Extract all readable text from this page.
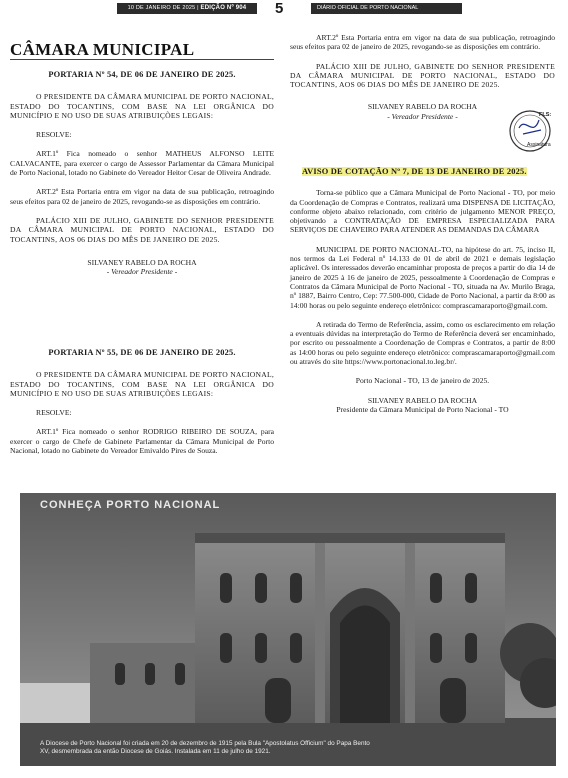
10 DE JANEIRO DE 2025 | EDIÇÃO Nº 904	5	DIÁRIO OFICIAL DE PORTO NACIONAL
CÂMARA MUNICIPAL

PORTARIA Nº 54, DE 06 DE JANEIRO DE 2025.

O PRESIDENTE DA CÂMARA MUNICIPAL DE PORTO NACIONAL, ESTADO DO TOCANTINS, COM BASE NA LEI ORGÂNICA DO MUNICÍPIO E NO USO DE SUAS ATRIBUIÇÕES LEGAIS:

RESOLVE:

ART.1º Fica nomeado o senhor MATHEUS ALFONSO LEITE CALVACANTE, para exercer o cargo de Assessor Parlamentar da Câmara Municipal de Porto Nacional, lotado no Gabinete do Vereador Heitor Cesar de Oliveira Andrade.

ART.2º Esta Portaria entra em vigor na data de sua publicação, retroagindo seus efeitos para 02 de janeiro de 2025, revogando-se as disposições em contrário.

PALÁCIO XIII DE JULHO, GABINETE DO SENHOR PRESIDENTE DA CÂMARA MUNICIPAL DE PORTO NACIONAL, ESTADO DO TOCANTINS, AOS 06 DIAS DO MÊS DE JANEIRO DE 2025.

SILVANEY RABELO DA ROCHA

- Vereador Presidente -

PORTARIA Nº 55, DE 06 DE JANEIRO DE 2025.

O PRESIDENTE DA CÂMARA MUNICIPAL DE PORTO NACIONAL, ESTADO DO TOCANTINS, COM BASE NA LEI ORGÂNICA DO MUNICÍPIO E NO USO DE SUAS ATRIBUIÇÕES LEGAIS:

RESOLVE:

ART.1º Fica nomeado o senhor RODRIGO RIBEIRO DE SOUZA, para exercer o cargo de Chefe de Gabinete Parlamentar da Câmara Municipal de Porto Nacional, lotado no Gabinete do Vereador Emivaldo Pires de Souza.

ART.2º Esta Portaria entra em vigor na data de sua publicação, retroagindo seus efeitos para 02 de janeiro de 2025, revogando-se as disposições em contrário.

PALÁCIO XIII DE JULHO, GABINETE DO SENHOR PRESIDENTE DA CÂMARA MUNICIPAL DE PORTO NACIONAL, ESTADO DO TOCANTINS, AOS 06 DIAS DO MÊS DE JANEIRO DE 2025.

SILVANEY RABELO DA ROCHA

- Vereador Presidente -	FLS:
Assinatura

AVISO DE COTAÇÃO Nº 7, DE 13 DE JANEIRO DE 2025.

Torna-se público que a Câmara Municipal de Porto Nacional - TO, por meio da Coordenação de Compras e Contratos, realizará uma DISPENSA DE LICITAÇÃO, conforme objeto abaixo relacionado, com critério de julgamento MENOR PREÇO, objetivando a CONTRATAÇÃO DE EMPRESA ESPECIALIZADA PARA SERVIÇOS DE CHAVEIRO PARA ATENDER AS DEMANDAS DA CÂMARA

MUNICIPAL DE PORTO NACIONAL-TO, na hipótese do art. 75, inciso II, nos termos da Lei Federal nº 14.133 de 01 de abril de 2021 e demais legislação aplicável. Os interessados deverão encaminhar proposta de preços a partir do dia 14 de janeiro de 2025 à 16 de janeiro de 2025, pessoalmente à Coordenação de Compras e Contratos da Câmara Municipal de Porto Nacional - TO, situada na Av. Murilo Braga, nº 1887, Bairro Centro, Cep: 77.500-000, Cidade de Porto Nacional, a partir da 8:00 as 14:00 horas ou pelo seguinte endereço eletrônico: comprascamaraporto@gmail.com.

A retirada do Termo de Referência, assim, como os esclarecimento em relação a eventuais dúvidas na interpretação do Termo de Referência deverá ser encaminhado, por escrito ou pessoalmente a Coordenação de Compras e Contratos, a partir de 8:00 as 14:00 horas ou pelo seguinte endereço eletrônico: comprascamaraporto@gmail.com ou através do site https://www.portonacional.to.leg.br/.

Porto Nacional - TO, 13 de janeiro de 2025.

SILVANEY RABELO DA ROCHA

Presidente da Câmara Municipal de Porto Nacional - TO

CONHEÇA PORTO NACIONAL
A Diocese de Porto Nacional foi criada em 20 de dezembro de 1915 pela Bula "Apostolatus Officium" do Papa Bento XV, desmembrada da então Diocese de Goiás. Instalada em 11 de julho de 1921.
